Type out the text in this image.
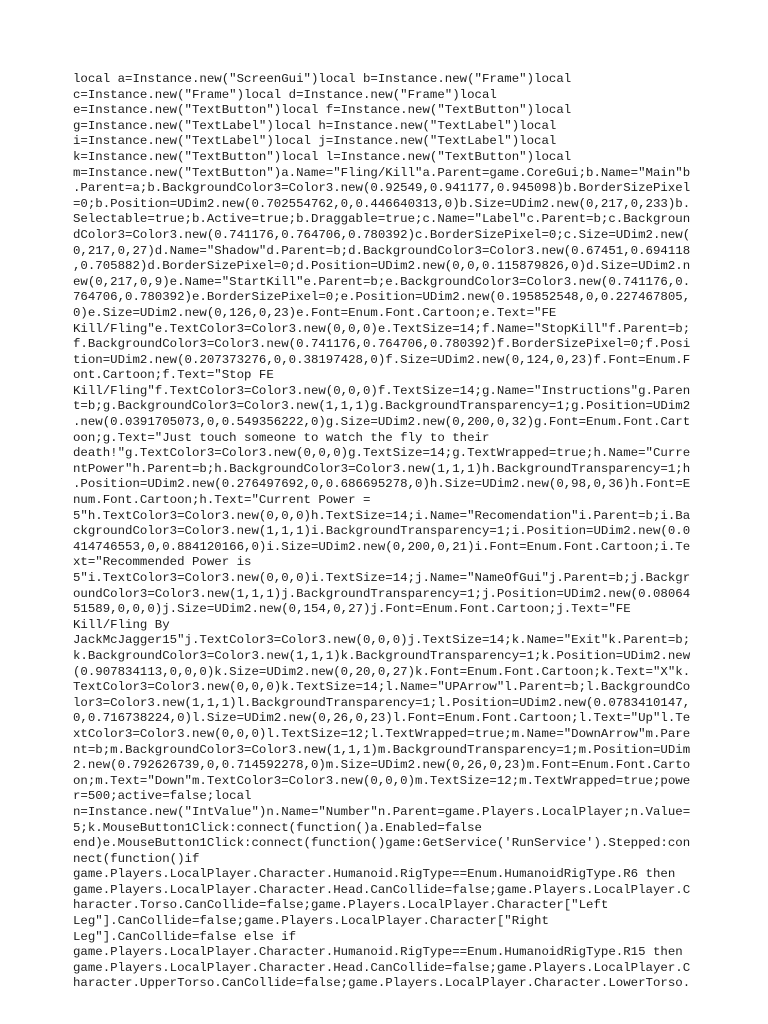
local a=Instance.new("ScreenGui")local b=Instance.new("Frame")local
c=Instance.new("Frame")local d=Instance.new("Frame")local
e=Instance.new("TextButton")local f=Instance.new("TextButton")local
g=Instance.new("TextLabel")local h=Instance.new("TextLabel")local
i=Instance.new("TextLabel")local j=Instance.new("TextLabel")local
k=Instance.new("TextButton")local l=Instance.new("TextButton")local
m=Instance.new("TextButton")a.Name="Fling/Kill"a.Parent=game.CoreGui;b.Name="Main"b
.Parent=a;b.BackgroundColor3=Color3.new(0.92549,0.941177,0.945098)b.BorderSizePixel
=0;b.Position=UDim2.new(0.702554762,0,0.446640313,0)b.Size=UDim2.new(0,217,0,233)b.
Selectable=true;b.Active=true;b.Draggable=true;c.Name="Label"c.Parent=b;c.Backgroun
dColor3=Color3.new(0.741176,0.764706,0.780392)c.BorderSizePixel=0;c.Size=UDim2.new(
0,217,0,27)d.Name="Shadow"d.Parent=b;d.BackgroundColor3=Color3.new(0.67451,0.694118
,0.705882)d.BorderSizePixel=0;d.Position=UDim2.new(0,0,0.115879826,0)d.Size=UDim2.n
ew(0,217,0,9)e.Name="StartKill"e.Parent=b;e.BackgroundColor3=Color3.new(0.741176,0.
764706,0.780392)e.BorderSizePixel=0;e.Position=UDim2.new(0.195852548,0,0.227467805,
0)e.Size=UDim2.new(0,126,0,23)e.Font=Enum.Font.Cartoon;e.Text="FE
Kill/Fling"e.TextColor3=Color3.new(0,0,0)e.TextSize=14;f.Name="StopKill"f.Parent=b;
f.BackgroundColor3=Color3.new(0.741176,0.764706,0.780392)f.BorderSizePixel=0;f.Posi
tion=UDim2.new(0.207373276,0,0.38197428,0)f.Size=UDim2.new(0,124,0,23)f.Font=Enum.F
ont.Cartoon;f.Text="Stop FE
Kill/Fling"f.TextColor3=Color3.new(0,0,0)f.TextSize=14;g.Name="Instructions"g.Paren
t=b;g.BackgroundColor3=Color3.new(1,1,1)g.BackgroundTransparency=1;g.Position=UDim2
.new(0.0391705073,0,0.549356222,0)g.Size=UDim2.new(0,200,0,32)g.Font=Enum.Font.Cart
oon;g.Text="Just touch someone to watch the fly to their
death!"g.TextColor3=Color3.new(0,0,0)g.TextSize=14;g.TextWrapped=true;h.Name="Curre
ntPower"h.Parent=b;h.BackgroundColor3=Color3.new(1,1,1)h.BackgroundTransparency=1;h
.Position=UDim2.new(0.276497692,0,0.686695278,0)h.Size=UDim2.new(0,98,0,36)h.Font=E
num.Font.Cartoon;h.Text="Current Power =
5"h.TextColor3=Color3.new(0,0,0)h.TextSize=14;i.Name="Recomendation"i.Parent=b;i.Ba
ckgroundColor3=Color3.new(1,1,1)i.BackgroundTransparency=1;i.Position=UDim2.new(0.0
414746553,0,0.884120166,0)i.Size=UDim2.new(0,200,0,21)i.Font=Enum.Font.Cartoon;i.Te
xt="Recommended Power is
5"i.TextColor3=Color3.new(0,0,0)i.TextSize=14;j.Name="NameOfGui"j.Parent=b;j.Backgr
oundColor3=Color3.new(1,1,1)j.BackgroundTransparency=1;j.Position=UDim2.new(0.08064
51589,0,0,0)j.Size=UDim2.new(0,154,0,27)j.Font=Enum.Font.Cartoon;j.Text="FE
Kill/Fling By
JackMcJagger15"j.TextColor3=Color3.new(0,0,0)j.TextSize=14;k.Name="Exit"k.Parent=b;
k.BackgroundColor3=Color3.new(1,1,1)k.BackgroundTransparency=1;k.Position=UDim2.new
(0.907834113,0,0,0)k.Size=UDim2.new(0,20,0,27)k.Font=Enum.Font.Cartoon;k.Text="X"k.
TextColor3=Color3.new(0,0,0)k.TextSize=14;l.Name="UPArrow"l.Parent=b;l.BackgroundCo
lor3=Color3.new(1,1,1)l.BackgroundTransparency=1;l.Position=UDim2.new(0.0783410147,
0,0.716738224,0)l.Size=UDim2.new(0,26,0,23)l.Font=Enum.Font.Cartoon;l.Text="Up"l.Te
xtColor3=Color3.new(0,0,0)l.TextSize=12;l.TextWrapped=true;m.Name="DownArrow"m.Pare
nt=b;m.BackgroundColor3=Color3.new(1,1,1)m.BackgroundTransparency=1;m.Position=UDim
2.new(0.792626739,0,0.714592278,0)m.Size=UDim2.new(0,26,0,23)m.Font=Enum.Font.Carto
on;m.Text="Down"m.TextColor3=Color3.new(0,0,0)m.TextSize=12;m.TextWrapped=true;powe
r=500;active=false;local
n=Instance.new("IntValue")n.Name="Number"n.Parent=game.Players.LocalPlayer;n.Value=
5;k.MouseButton1Click:connect(function()a.Enabled=false
end)e.MouseButton1Click:connect(function()game:GetService('RunService').Stepped:con
nect(function()if
game.Players.LocalPlayer.Character.Humanoid.RigType==Enum.HumanoidRigType.R6 then
game.Players.LocalPlayer.Character.Head.CanCollide=false;game.Players.LocalPlayer.C
haracter.Torso.CanCollide=false;game.Players.LocalPlayer.Character["Left
Leg"].CanCollide=false;game.Players.LocalPlayer.Character["Right
Leg"].CanCollide=false else if
game.Players.LocalPlayer.Character.Humanoid.RigType==Enum.HumanoidRigType.R15 then
game.Players.LocalPlayer.Character.Head.CanCollide=false;game.Players.LocalPlayer.C
haracter.UpperTorso.CanCollide=false;game.Players.LocalPlayer.Character.LowerTorso.
